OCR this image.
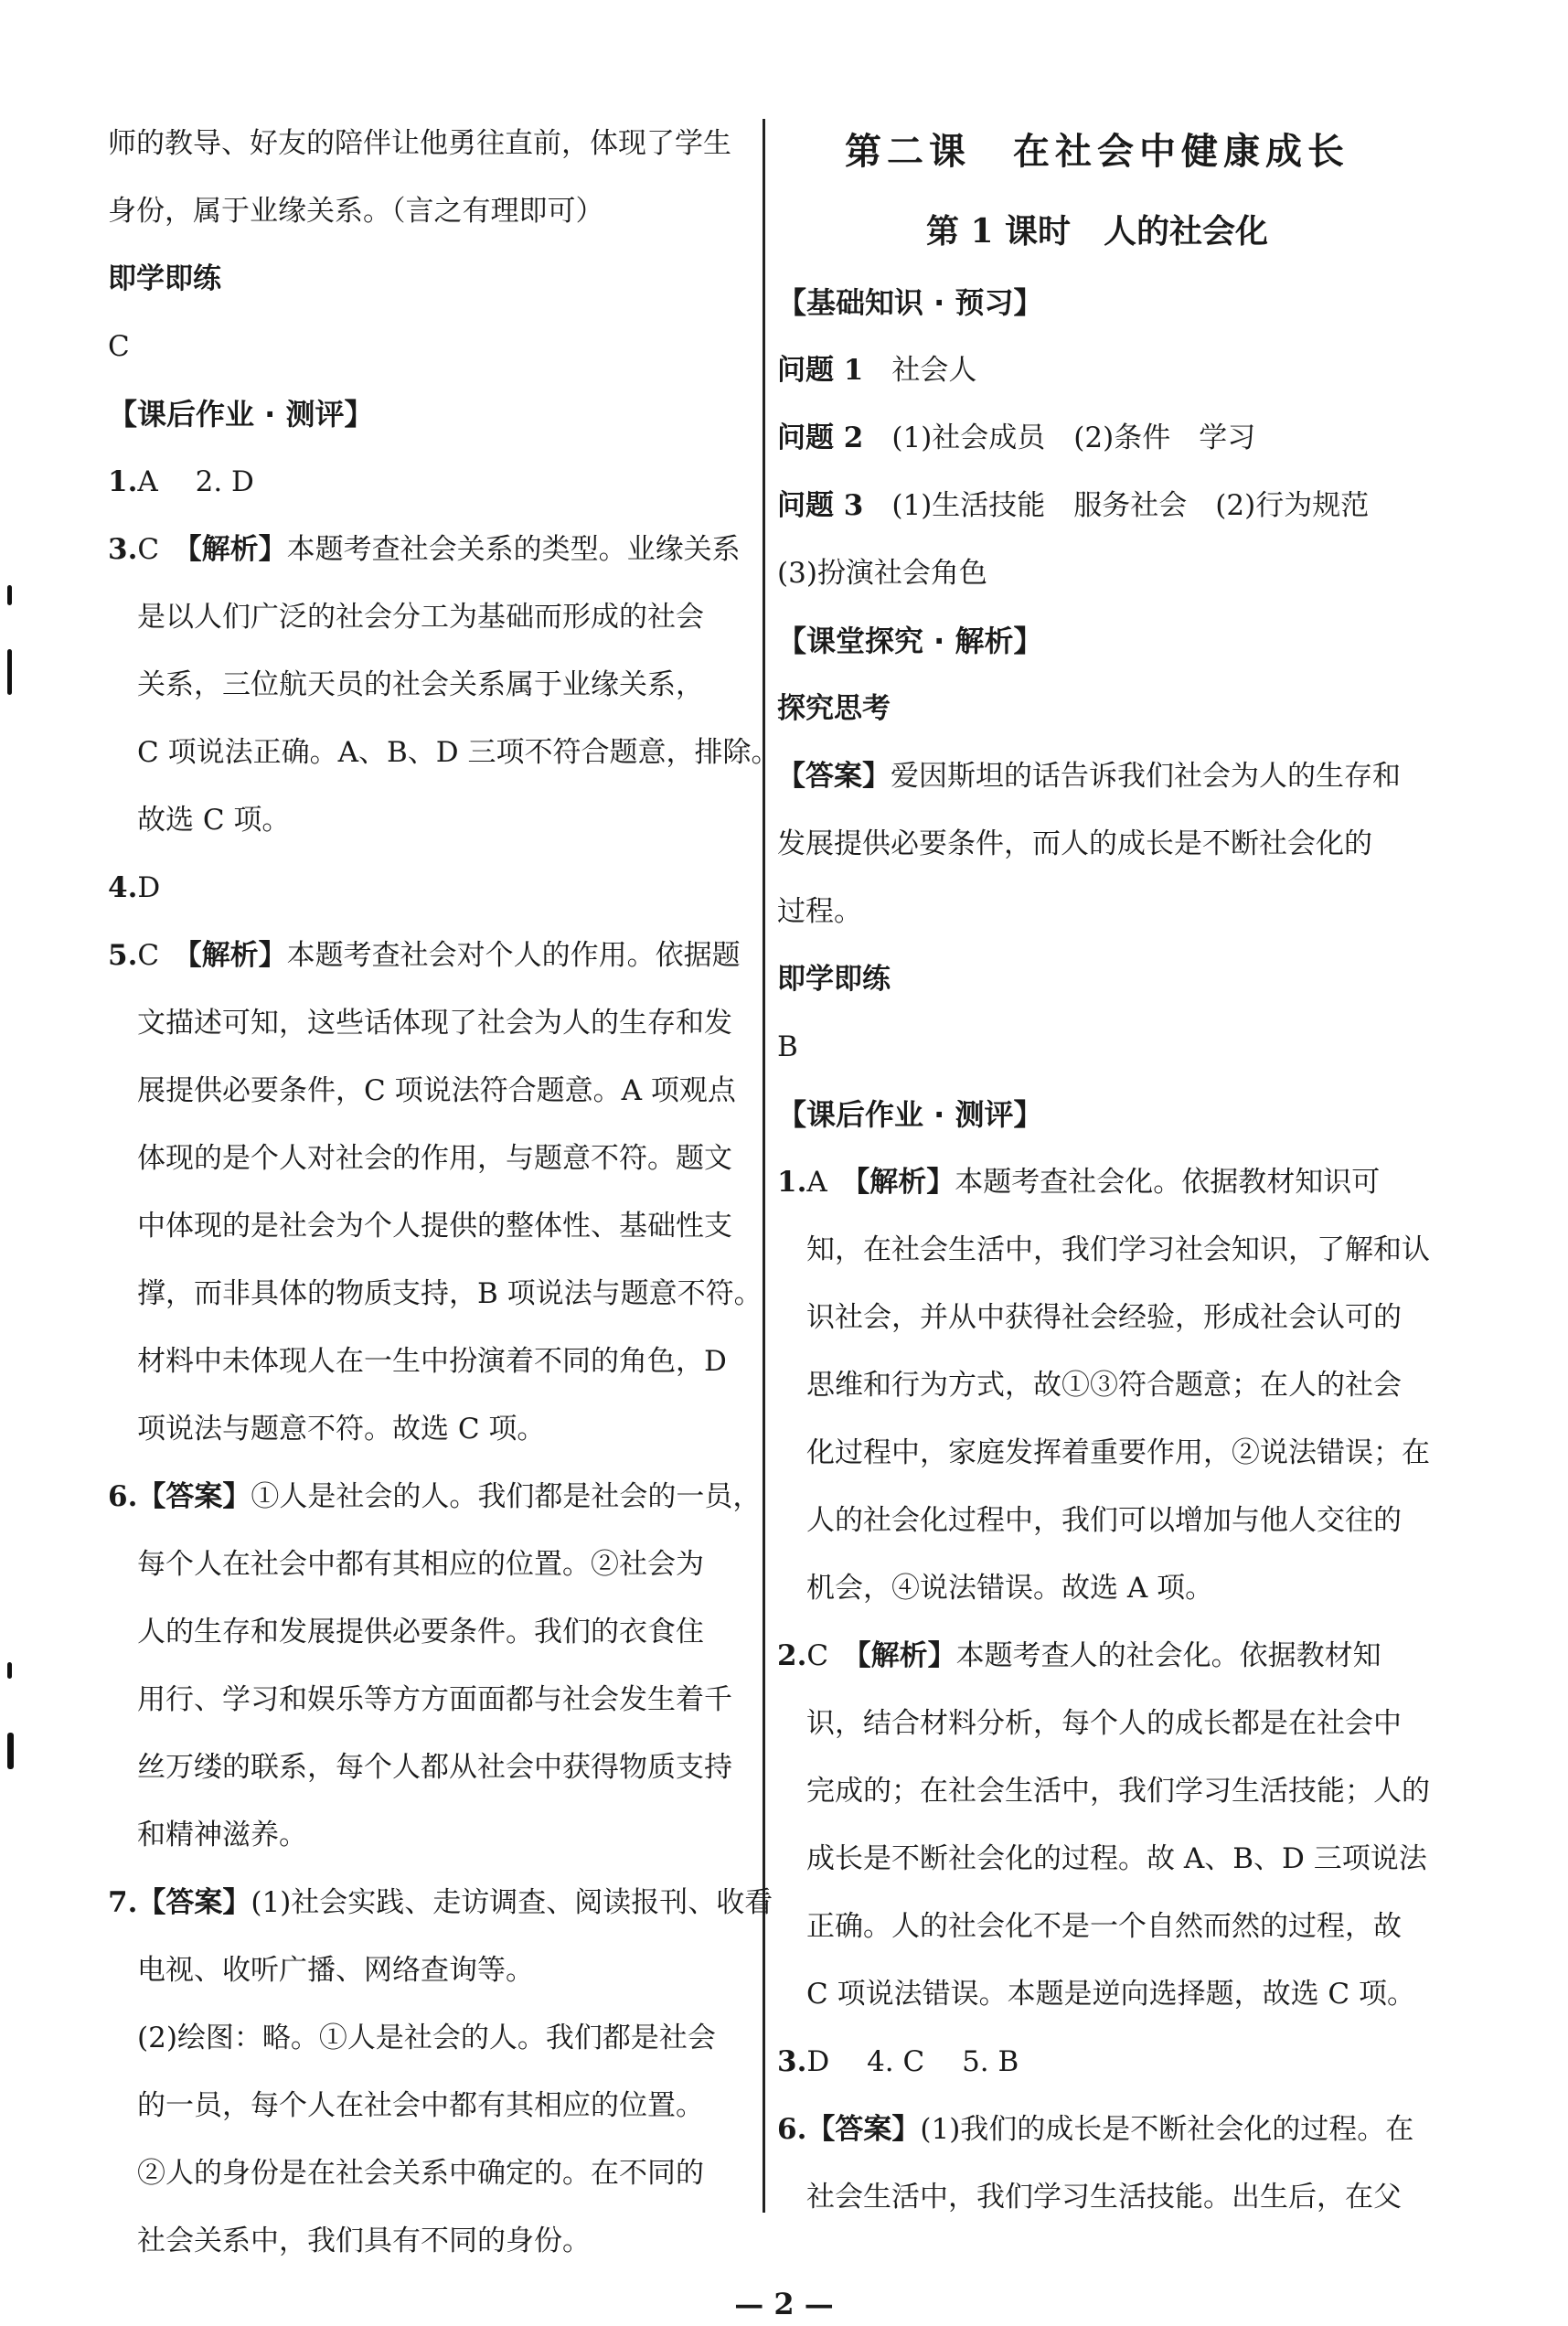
师的教导、好友的陪伴让他勇往直前，体现了学生
身份，属于业缘关系。（言之有理即可）
即学即练
C
【课后作业 · 测评】
1.A　 2. D
3.C　【解析】本题考查社会关系的类型。业缘关系
是以人们广泛的社会分工为基础而形成的社会
关系，三位航天员的社会关系属于业缘关系，
C 项说法正确。A、B、D 三项不符合题意，排除。
故选 C 项。
4.D
5.C　【解析】本题考查社会对个人的作用。依据题
文描述可知，这些话体现了社会为人的生存和发
展提供必要条件，C 项说法符合题意。A 项观点
体现的是个人对社会的作用，与题意不符。题文
中体现的是社会为个人提供的整体性、基础性支
撑，而非具体的物质支持，B 项说法与题意不符。
材料中未体现人在一生中扮演着不同的角色，D
项说法与题意不符。故选 C 项。
6.【答案】①人是社会的人。我们都是社会的一员，
每个人在社会中都有其相应的位置。②社会为
人的生存和发展提供必要条件。我们的衣食住
用行、学习和娱乐等方方面面都与社会发生着千
丝万缕的联系，每个人都从社会中获得物质支持
和精神滋养。
7.【答案】(1)社会实践、走访调查、阅读报刊、收看
电视、收听广播、网络查询等。
(2)绘图：略。①人是社会的人。我们都是社会
的一员，每个人在社会中都有其相应的位置。
②人的身份是在社会关系中确定的。在不同的
社会关系中，我们具有不同的身份。
第二课　在社会中健康成长
第 1 课时　人的社会化
【基础知识 · 预习】
问题 1　社会人
问题 2　(1)社会成员　(2)条件　学习
问题 3　(1)生活技能　服务社会　(2)行为规范
(3)扮演社会角色
【课堂探究 · 解析】
探究思考
【答案】爱因斯坦的话告诉我们社会为人的生存和
发展提供必要条件，而人的成长是不断社会化的
过程。
即学即练
B
【课后作业 · 测评】
1.A　【解析】本题考查社会化。依据教材知识可
知，在社会生活中，我们学习社会知识，了解和认
识社会，并从中获得社会经验，形成社会认可的
思维和行为方式，故①③符合题意；在人的社会
化过程中，家庭发挥着重要作用，②说法错误；在
人的社会化过程中，我们可以增加与他人交往的
机会，④说法错误。故选 A 项。
2.C　【解析】本题考查人的社会化。依据教材知
识，结合材料分析，每个人的成长都是在社会中
完成的；在社会生活中，我们学习生活技能；人的
成长是不断社会化的过程。故 A、B、D 三项说法
正确。人的社会化不是一个自然而然的过程，故
C 项说法错误。本题是逆向选择题，故选 C 项。
3.D　 4. C　 5. B
6.【答案】(1)我们的成长是不断社会化的过程。在
社会生活中，我们学习生活技能。出生后，在父
— 2 —
